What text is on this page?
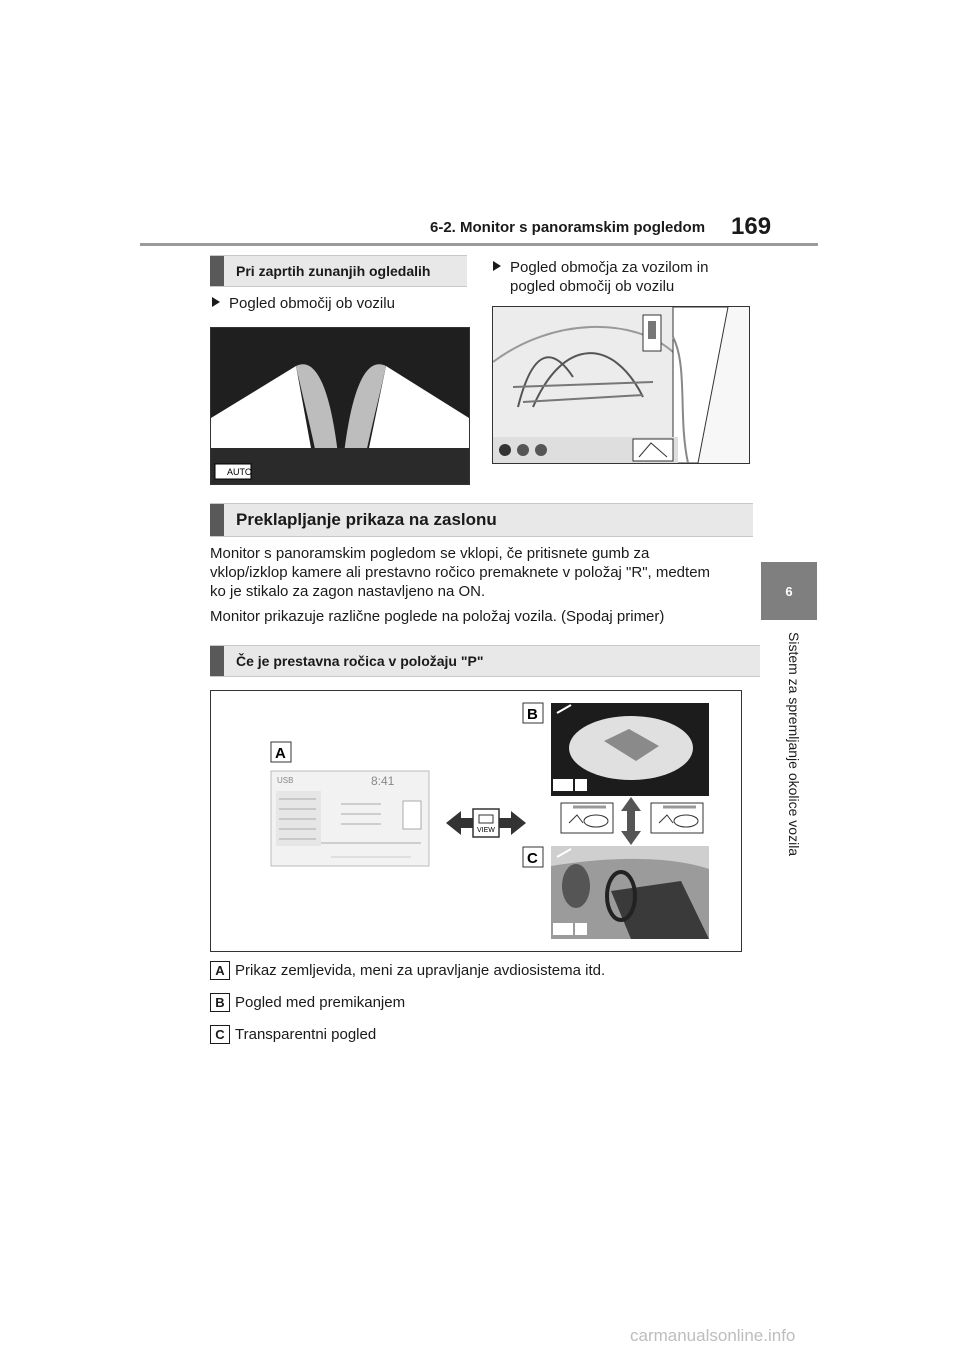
6-2. Monitor s panoramskim pogledom 169
6
Sistem za spremljanje okolice vozila
Pri zaprtih zunanjih ogledalih
Pogled območij ob vozilu
Pogled območja za vozilom in
pogled območij ob vozilu
AUTO
Preklapljanje prikaza na zaslonu
Monitor s panoramskim pogledom se vklopi, če pritisnete gumb za
vklop/izklop kamere ali prestavno ročico premaknete v položaj "R", medtem
ko je stikalo za zagon nastavljeno na ON.
Monitor prikazuje različne poglede na položaj vozila. (Spodaj primer)
Če je prestavna ročica v položaju "P"
A
USB	8:41
VIEW
B
C
A Prikaz zemljevida, meni za upravljanje avdiosistema itd.
B Pogled med premikanjem
C Transparentni pogled
carmanualsonline.info
